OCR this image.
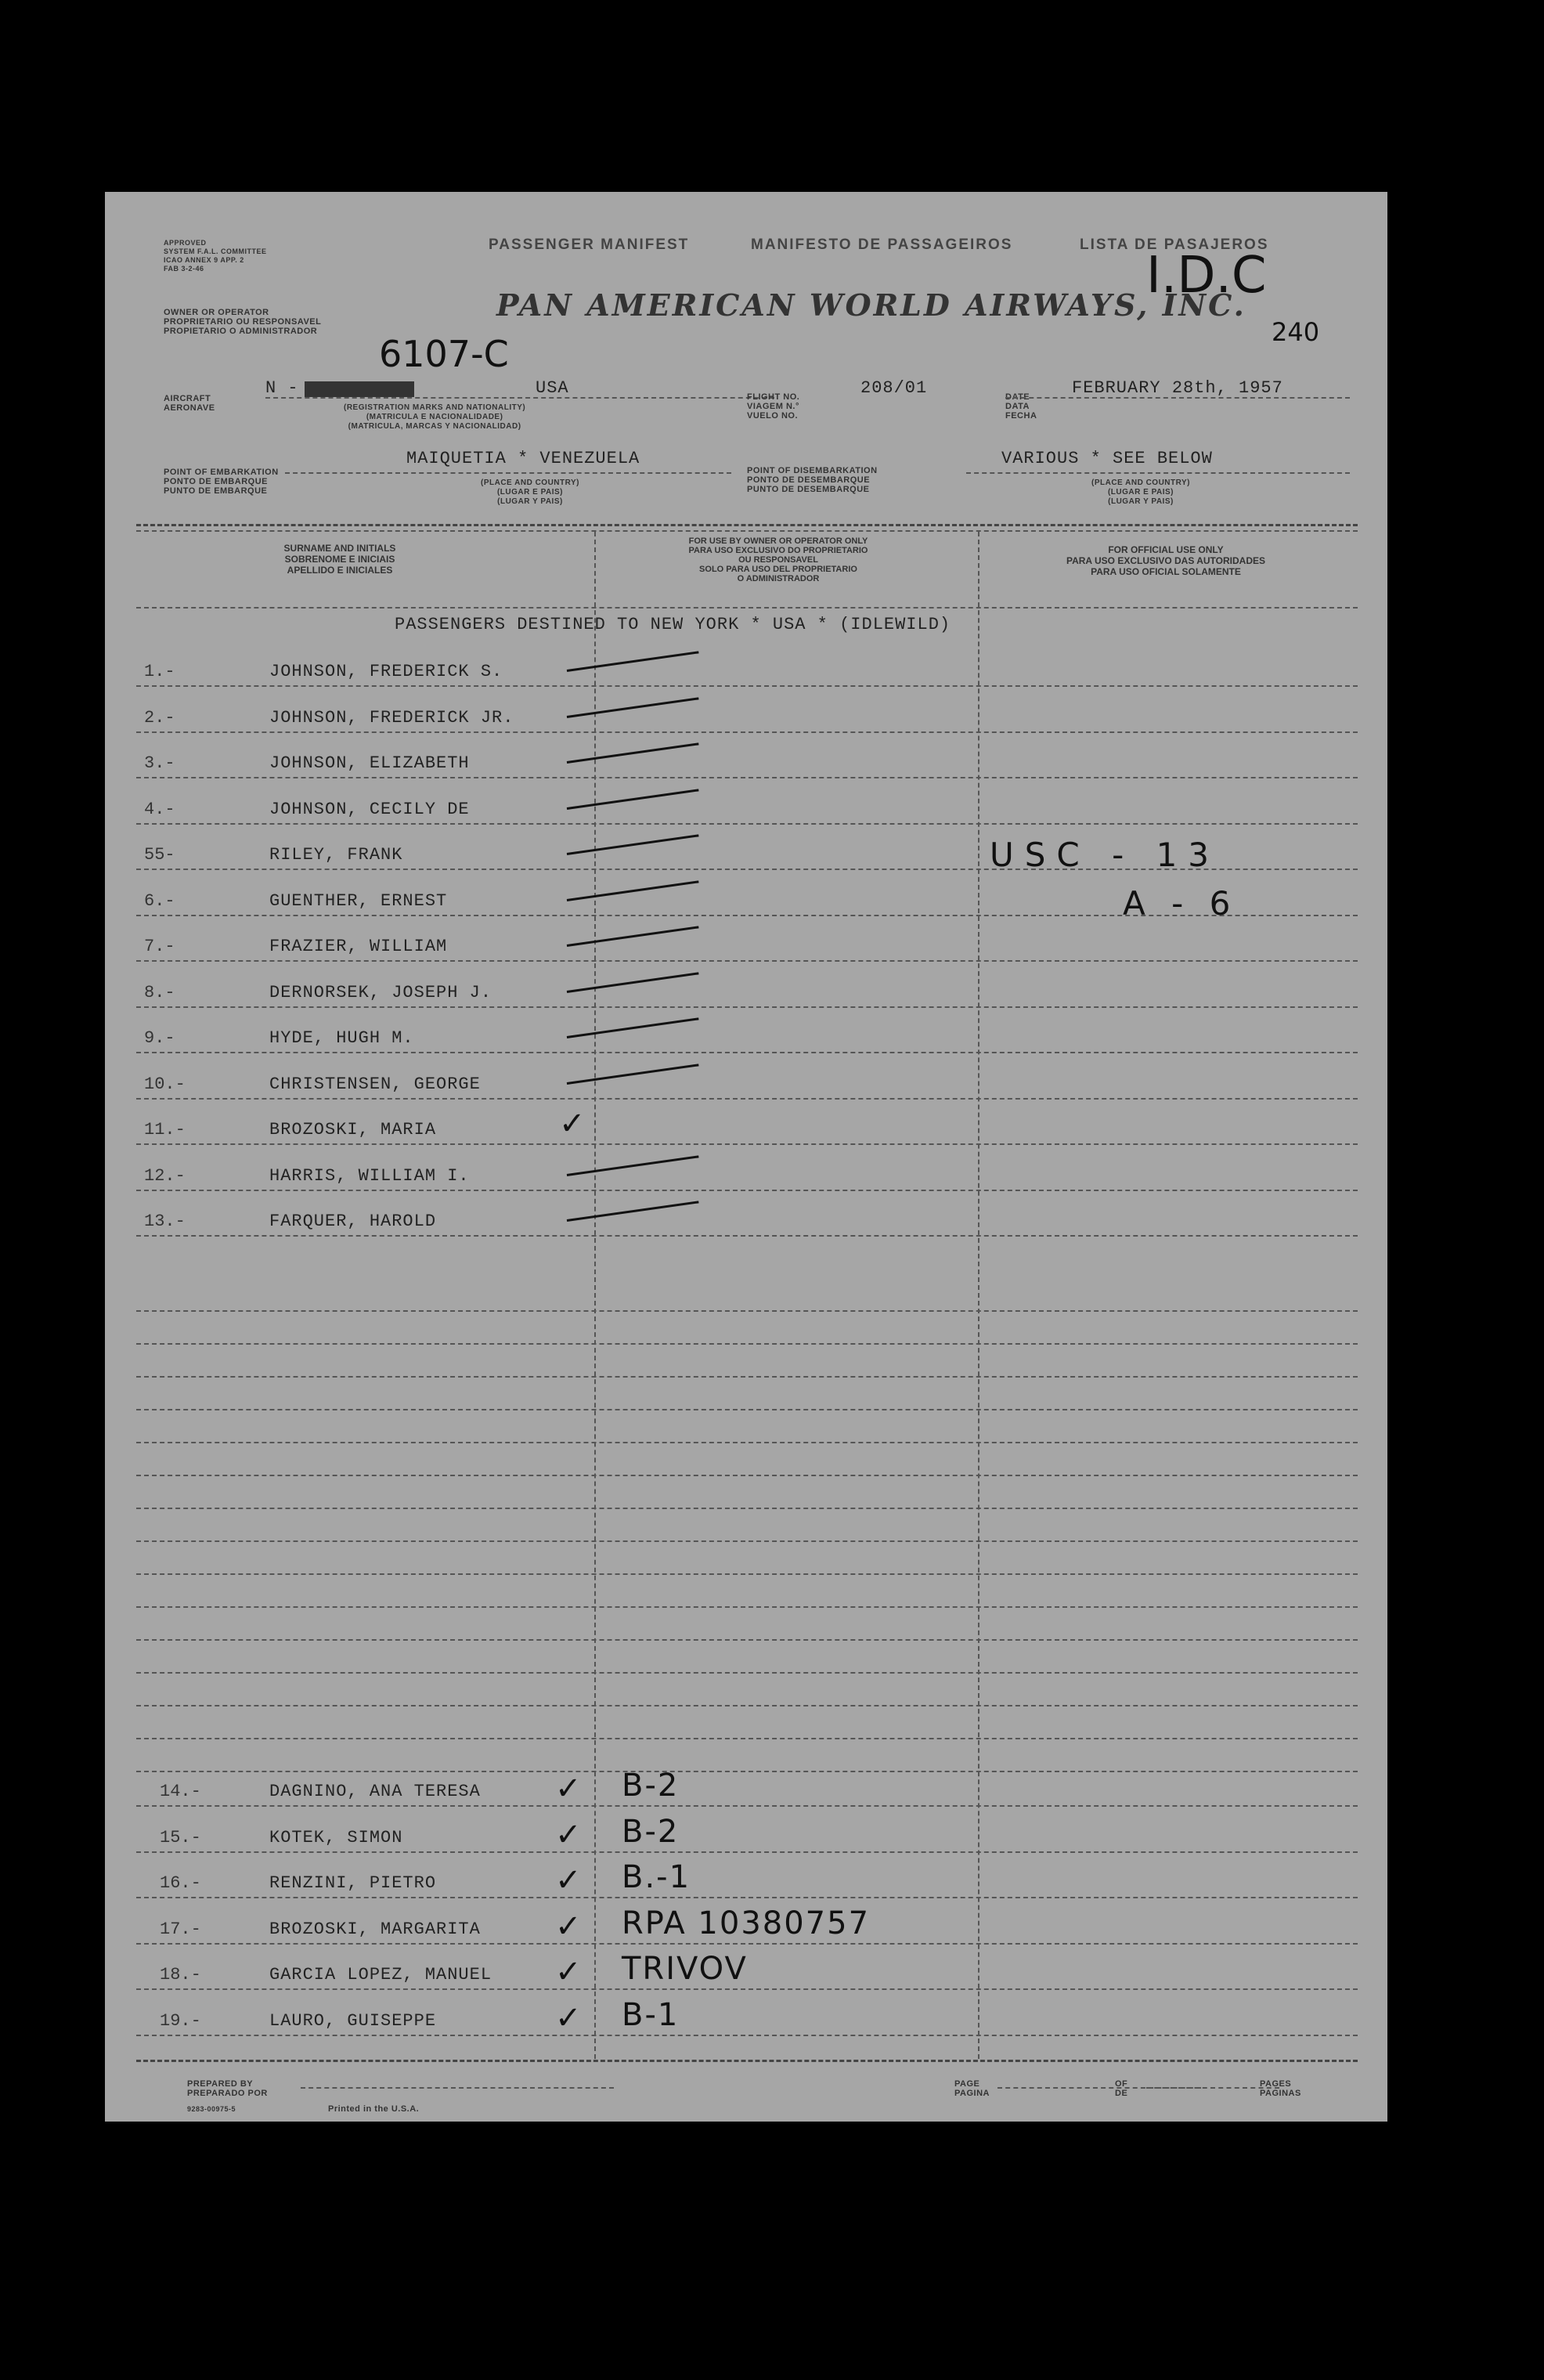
APPROVED
SYSTEM F.A.L. COMMITTEE
ICAO ANNEX 9 APP. 2
FAB 3-2-46
PASSENGER MANIFEST	MANIFESTO DE PASSAGEIROS	LISTA DE PASAJEROS
I.D.C
240
OWNER OR OPERATOR
PROPRIETARIO OU RESPONSAVEL
PROPIETARIO O ADMINISTRADOR
PAN AMERICAN WORLD AIRWAYS, INC.
AIRCRAFT
AERONAVE
N -
6107-C
USA
(REGISTRATION MARKS AND NATIONALITY)
(MATRICULA E NACIONALIDADE)
(MATRICULA, MARCAS Y NACIONALIDAD)
FLIGHT NO.
VIAGEM N.°
VUELO NO.
208/01	DATE
DATA
FECHA
FEBRUARY 28th, 1957
POINT OF EMBARKATION
PONTO DE EMBARQUE
PUNTO DE EMBARQUE
MAIQUETIA * VENEZUELA
(PLACE AND COUNTRY)
(LUGAR E PAIS)
(LUGAR Y PAIS)
POINT OF DISEMBARKATION
PONTO DE DESEMBARQUE
PUNTO DE DESEMBARQUE
VARIOUS * SEE BELOW
(PLACE AND COUNTRY)
(LUGAR E PAIS)
(LUGAR Y PAIS)
SURNAME AND INITIALS
SOBRENOME E INICIAIS
APELLIDO E INICIALES
FOR USE BY OWNER OR OPERATOR ONLY
PARA USO EXCLUSIVO DO PROPRIETARIO
OU RESPONSAVEL
SOLO PARA USO DEL PROPRIETARIO
O ADMINISTRADOR
FOR OFFICIAL USE ONLY
PARA USO EXCLUSIVO DAS AUTORIDADES
PARA USO OFICIAL SOLAMENTE
PASSENGERS DESTINED TO NEW YORK * USA * (IDLEWILD)
1.-	JOHNSON, FREDERICK S.
2.-	JOHNSON, FREDERICK JR.
3.-	JOHNSON, ELIZABETH
4.-	JOHNSON, CECILY DE
55-	RILEY, FRANK
6.-	GUENTHER, ERNEST
7.-	FRAZIER, WILLIAM
8.-	DERNORSEK, JOSEPH J.
9.-	HYDE, HUGH M.
10.-	CHRISTENSEN, GEORGE
11.-	BROZOSKI, MARIA	✓
12.-	HARRIS, WILLIAM I.
13.-	FARQUER, HAROLD
USC - 13
A - 6
14.-	DAGNINO, ANA TERESA ✓ B-2
15.-	KOTEK, SIMON	✓ B-2
16.-	RENZINI, PIETRO	✓ B.-1
17.-	BROZOSKI, MARGARITA ✓ RPA 10380757
18.-	GARCIA LOPEZ, MANUEL ✓ TRIVOV
19.-	LAURO, GUISEPPE	✓ B-1
PREPARED BY
PREPARADO POR
9283-00975-5	Printed in the U.S.A.
PAGE
PAGINA
OF
DE
PAGES
PAGINAS
